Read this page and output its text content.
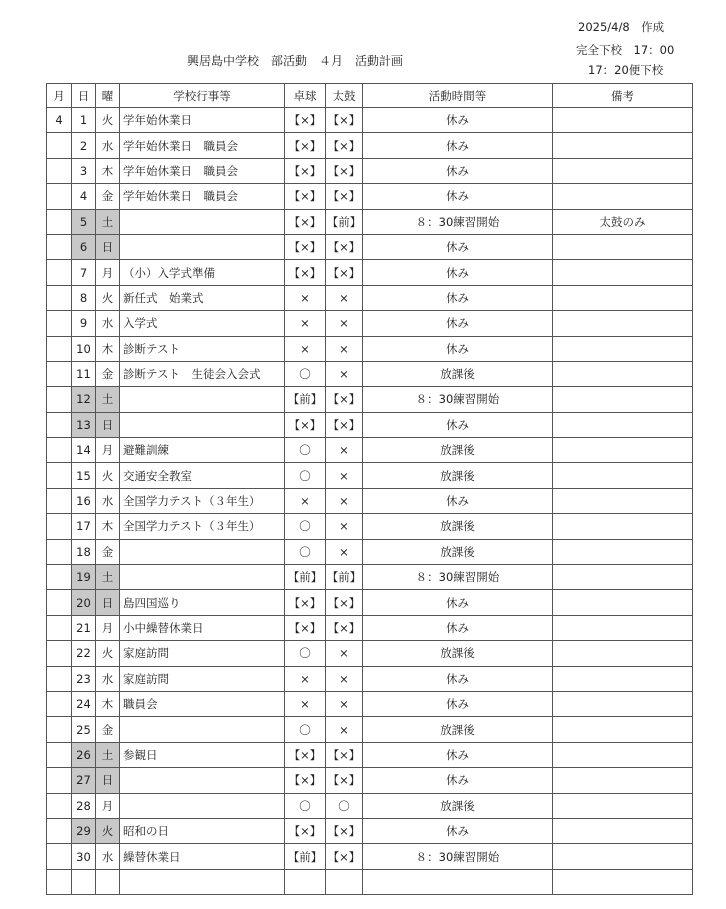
2025/4/8　作成
興居島中学校　部活動　４月　活動計画
完全下校　17：00
17：20便下校
月	日	曜	学校行事等	卓球	太鼓	活動時間等	備考
4	1	火	学年始休業日	【×】	【×】	休み	
	2	水	学年始休業日　職員会	【×】	【×】	休み	
	3	木	学年始休業日　職員会	【×】	【×】	休み	
	4	金	学年始休業日　職員会	【×】	【×】	休み	
	5	土		【×】	【前】	８：30練習開始	太鼓のみ
	6	日		【×】	【×】	休み	
	7	月	（小）入学式準備	【×】	【×】	休み	
	8	火	新任式　始業式	×	×	休み	
	9	水	入学式	×	×	休み	
	10	木	診断テスト	×	×	休み	
	11	金	診断テスト　生徒会入会式	〇	×	放課後	
	12	土		【前】	【×】	８：30練習開始	
	13	日		【×】	【×】	休み	
	14	月	避難訓練	〇	×	放課後	
	15	火	交通安全教室	〇	×	放課後	
	16	水	全国学力テスト（３年生）	×	×	休み	
	17	木	全国学力テスト（３年生）	〇	×	放課後	
	18	金		〇	×	放課後	
	19	土		【前】	【前】	８：30練習開始	
	20	日	島四国巡り	【×】	【×】	休み	
	21	月	小中繰替休業日	【×】	【×】	休み	
	22	火	家庭訪問	〇	×	放課後	
	23	水	家庭訪問	×	×	休み	
	24	木	職員会	×	×	休み	
	25	金		〇	×	放課後	
	26	土	参観日	【×】	【×】	休み	
	27	日		【×】	【×】	休み	
	28	月		〇	〇	放課後	
	29	火	昭和の日	【×】	【×】	休み	
	30	水	繰替休業日	【前】	【×】	８：30練習開始	
